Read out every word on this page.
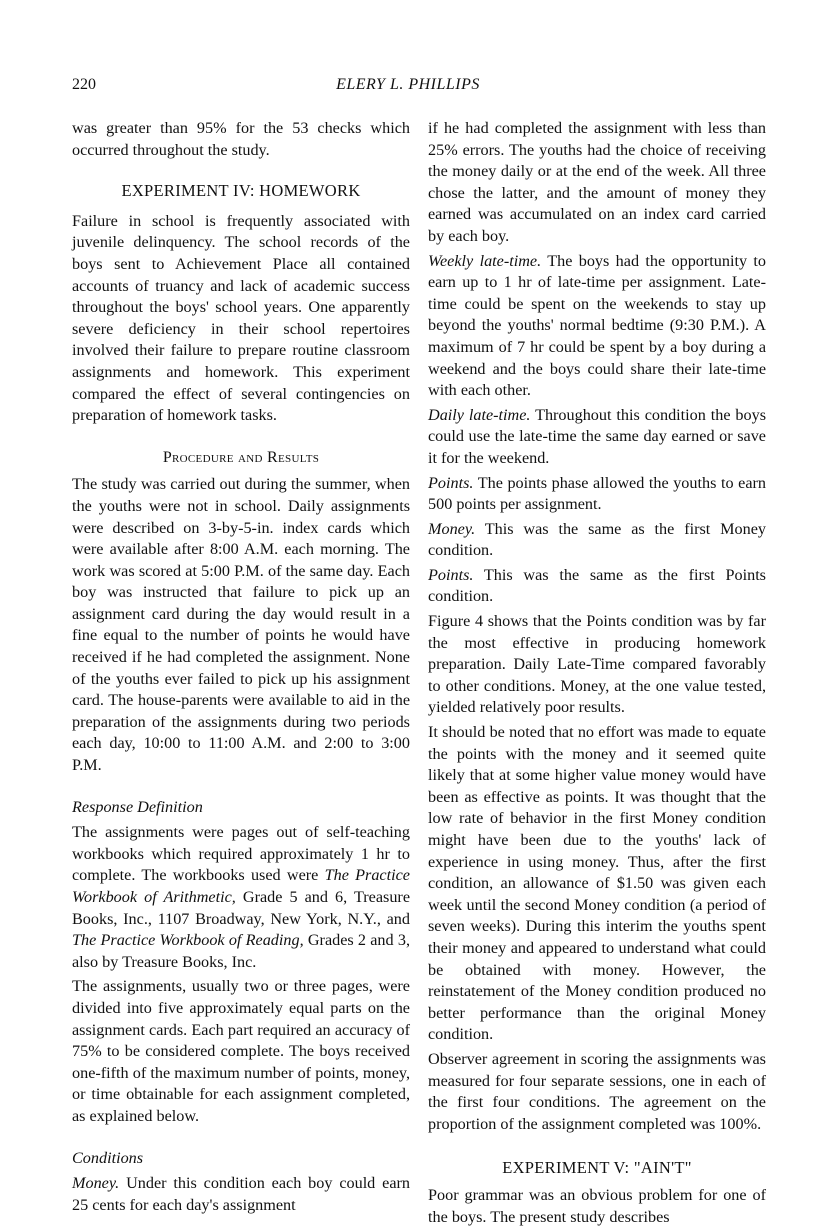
220	ELERY L. PHILLIPS

was greater than 95% for the 53 checks which occurred throughout the study.

EXPERIMENT IV: HOMEWORK

Failure in school is frequently associated with juvenile delinquency. The school records of the boys sent to Achievement Place all contained accounts of truancy and lack of academic success throughout the boys' school years. One apparently severe deficiency in their school repertoires involved their failure to prepare routine classroom assignments and homework. This experiment compared the effect of several contingencies on preparation of homework tasks.

Procedure and Results

The study was carried out during the summer, when the youths were not in school. Daily assignments were described on 3-by-5-in. index cards which were available after 8:00 A.M. each morning. The work was scored at 5:00 P.M. of the same day. Each boy was instructed that failure to pick up an assignment card during the day would result in a fine equal to the number of points he would have received if he had completed the assignment. None of the youths ever failed to pick up his assignment card. The house-parents were available to aid in the preparation of the assignments during two periods each day, 10:00 to 11:00 A.M. and 2:00 to 3:00 P.M.

Response Definition

The assignments were pages out of self-teaching workbooks which required approximately 1 hr to complete. The workbooks used were The Practice Workbook of Arithmetic, Grade 5 and 6, Treasure Books, Inc., 1107 Broadway, New York, N.Y., and The Practice Workbook of Reading, Grades 2 and 3, also by Treasure Books, Inc.

The assignments, usually two or three pages, were divided into five approximately equal parts on the assignment cards. Each part required an accuracy of 75% to be considered complete. The boys received one-fifth of the maximum number of points, money, or time obtainable for each assignment completed, as explained below.

Conditions

Money. Under this condition each boy could earn 25 cents for each day's assignment

if he had completed the assignment with less than 25% errors. The youths had the choice of receiving the money daily or at the end of the week. All three chose the latter, and the amount of money they earned was accumulated on an index card carried by each boy.

Weekly late-time. The boys had the opportunity to earn up to 1 hr of late-time per assignment. Late-time could be spent on the weekends to stay up beyond the youths' normal bedtime (9:30 P.M.). A maximum of 7 hr could be spent by a boy during a weekend and the boys could share their late-time with each other.

Daily late-time. Throughout this condition the boys could use the late-time the same day earned or save it for the weekend.

Points. The points phase allowed the youths to earn 500 points per assignment.

Money. This was the same as the first Money condition.

Points. This was the same as the first Points condition.

Figure 4 shows that the Points condition was by far the most effective in producing homework preparation. Daily Late-Time compared favorably to other conditions. Money, at the one value tested, yielded relatively poor results.

It should be noted that no effort was made to equate the points with the money and it seemed quite likely that at some higher value money would have been as effective as points. It was thought that the low rate of behavior in the first Money condition might have been due to the youths' lack of experience in using money. Thus, after the first condition, an allowance of $1.50 was given each week until the second Money condition (a period of seven weeks). During this interim the youths spent their money and appeared to understand what could be obtained with money. However, the reinstatement of the Money condition produced no better performance than the original Money condition.

Observer agreement in scoring the assignments was measured for four separate sessions, one in each of the first four conditions. The agreement on the proportion of the assignment completed was 100%.

EXPERIMENT V: "AIN'T"

Poor grammar was an obvious problem for one of the boys. The present study describes
